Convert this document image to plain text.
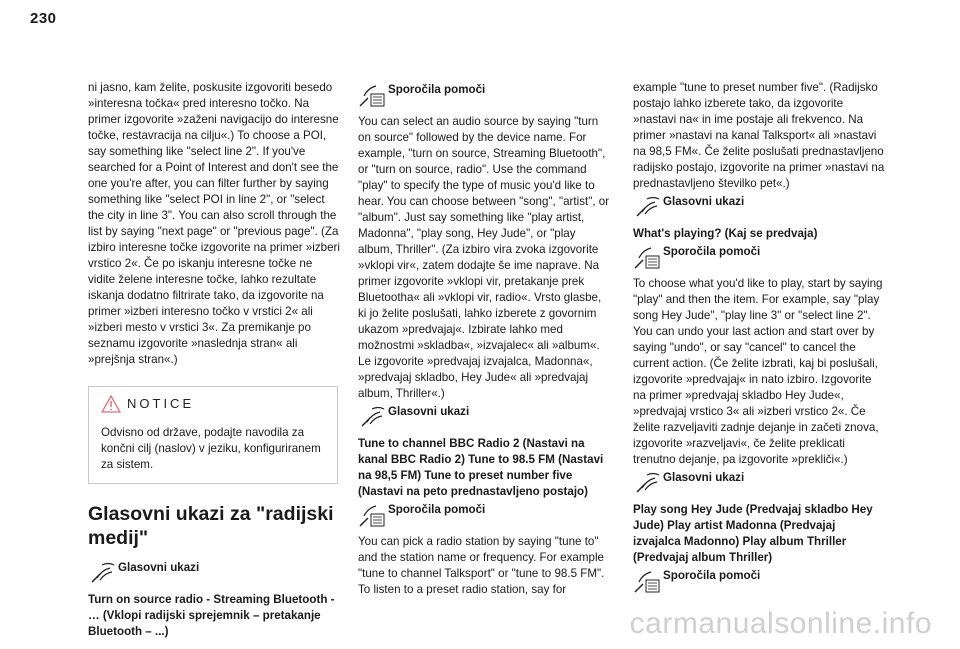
230

ni jasno, kam želite, poskusite izgovoriti besedo »interesna točka« pred interesno točko. Na primer izgovorite »zaženi navigacijo do interesne točke, restavracija na cilju«.) To choose a POI, say something like "select line 2". If you've searched for a Point of Interest and don't see the one you're after, you can filter further by saying something like "select POI in line 2", or "select the city in line 3". You can also scroll through the list by saying "next page" or "previous page". (Za izbiro interesne točke izgovorite na primer »izberi vrstico 2«. Če po iskanju interesne točke ne vidite želene interesne točke, lahko rezultate iskanja dodatno filtrirate tako, da izgovorite na primer »izberi interesno točko v vrstici 2« ali »izberi mesto v vrstici 3«. Za premikanje po seznamu izgovorite »naslednja stran« ali »prejšnja stran«.)

NOTICE

Odvisno od države, podajte navodila za končni cilj (naslov) v jeziku, konfiguriranem za sistem.

Glasovni ukazi za "radijski medij"
Glasovni ukazi

Turn on source radio - Streaming Bluetooth - … (Vklopi radijski sprejemnik – pretakanje Bluetooth – ...)

Sporočila pomoči

You can select an audio source by saying "turn on source" followed by the device name. For example, "turn on source, Streaming Bluetooth", or "turn on source, radio". Use the command "play" to specify the type of music you'd like to hear. You can choose between "song", "artist", or "album". Just say something like "play artist, Madonna", "play song, Hey Jude", or "play album, Thriller". (Za izbiro vira zvoka izgovorite »vklopi vir«, zatem dodajte še ime naprave. Na primer izgovorite »vklopi vir, pretakanje prek Bluetootha« ali »vklopi vir, radio«. Vrsto glasbe, ki jo želite poslušati, lahko izberete z govornim ukazom »predvajaj«. Izbirate lahko med možnostmi »skladba«, »izvajalec« ali »album«. Le izgovorite »predvajaj izvajalca, Madonna«, »predvajaj skladbo, Hey Jude« ali »predvajaj album, Thriller«.)

Glasovni ukazi

Tune to channel BBC Radio 2 (Nastavi na kanal BBC Radio 2) Tune to 98.5 FM (Nastavi na 98,5 FM) Tune to preset number five (Nastavi na peto prednastavljeno postajo)

Sporočila pomoči

You can pick a radio station by saying "tune to" and the station name or frequency. For example "tune to channel Talksport" or "tune to 98.5 FM". To listen to a preset radio station, say for

example "tune to preset number five". (Radijsko postajo lahko izberete tako, da izgovorite »nastavi na« in ime postaje ali frekvenco. Na primer »nastavi na kanal Talksport« ali »nastavi na 98,5 FM«. Če želite poslušati prednastavljeno radijsko postajo, izgovorite na primer »nastavi na prednastavljeno številko pet«.)

Glasovni ukazi

What's playing? (Kaj se predvaja)

Sporočila pomoči

To choose what you'd like to play, start by saying "play" and then the item. For example, say "play song Hey Jude", "play line 3" or "select line 2". You can undo your last action and start over by saying "undo", or say "cancel" to cancel the current action. (Če želite izbrati, kaj bi poslušali, izgovorite »predvajaj« in nato izbiro. Izgovorite na primer »predvajaj skladbo Hey Jude«, »predvajaj vrstico 3« ali »izberi vrstico 2«. Če želite razveljaviti zadnje dejanje in začeti znova, izgovorite »razveljavi«, če želite preklicati trenutno dejanje, pa izgovorite »prekliči«.)

Glasovni ukazi

Play song Hey Jude (Predvajaj skladbo Hey Jude) Play artist Madonna (Predvajaj izvajalca Madonno) Play album Thriller (Predvajaj album Thriller)

Sporočila pomoči
carmanualsonline.info
